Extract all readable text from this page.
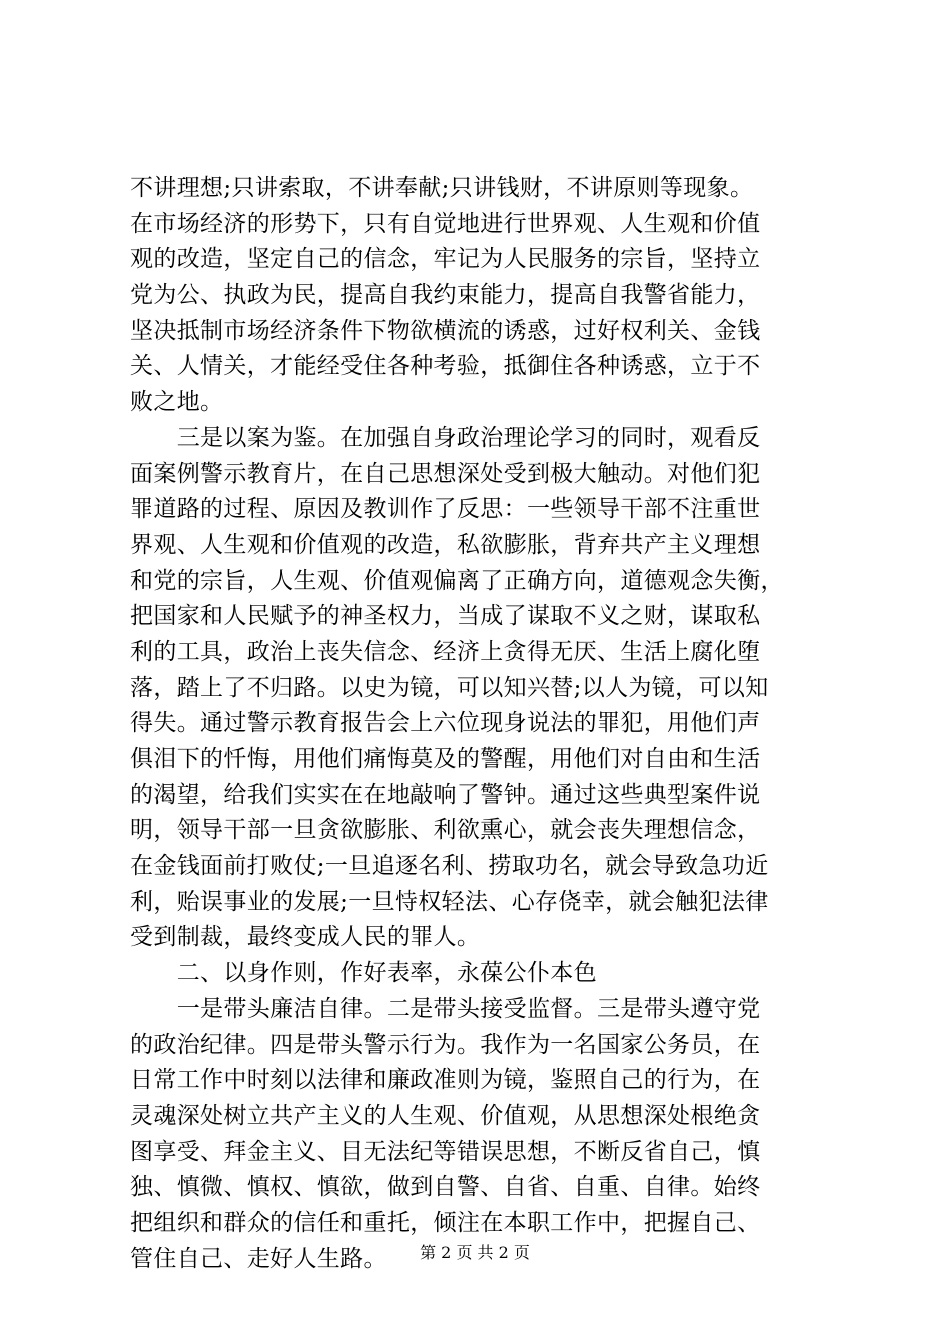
不讲理想;只讲索取，不讲奉献;只讲钱财，不讲原则等现象。
在市场经济的形势下，只有自觉地进行世界观、人生观和价值
观的改造，坚定自己的信念，牢记为人民服务的宗旨，坚持立
党为公、执政为民，提高自我约束能力，提高自我警省能力，
坚决抵制市场经济条件下物欲横流的诱惑，过好权利关、金钱
关、人情关，才能经受住各种考验，抵御住各种诱惑，立于不
败之地。
　　三是以案为鉴。在加强自身政治理论学习的同时，观看反
面案例警示教育片，在自己思想深处受到极大触动。对他们犯
罪道路的过程、原因及教训作了反思：一些领导干部不注重世
界观、人生观和价值观的改造，私欲膨胀，背弃共产主义理想
和党的宗旨，人生观、价值观偏离了正确方向，道德观念失衡，
把国家和人民赋予的神圣权力，当成了谋取不义之财，谋取私
利的工具，政治上丧失信念、经济上贪得无厌、生活上腐化堕
落，踏上了不归路。以史为镜，可以知兴替;以人为镜，可以知
得失。通过警示教育报告会上六位现身说法的罪犯，用他们声
俱泪下的忏悔，用他们痛悔莫及的警醒，用他们对自由和生活
的渴望，给我们实实在在地敲响了警钟。通过这些典型案件说
明，领导干部一旦贪欲膨胀、利欲熏心，就会丧失理想信念，
在金钱面前打败仗;一旦追逐名利、捞取功名，就会导致急功近
利，贻误事业的发展;一旦恃权轻法、心存侥幸，就会触犯法律
受到制裁，最终变成人民的罪人。
　　二、以身作则，作好表率，永葆公仆本色
　　一是带头廉洁自律。二是带头接受监督。三是带头遵守党
的政治纪律。四是带头警示行为。我作为一名国家公务员，在
日常工作中时刻以法律和廉政准则为镜，鉴照自己的行为，在
灵魂深处树立共产主义的人生观、价值观，从思想深处根绝贪
图享受、拜金主义、目无法纪等错误思想，不断反省自己，慎
独、慎微、慎权、慎欲，做到自警、自省、自重、自律。始终
把组织和群众的信任和重托，倾注在本职工作中，把握自己、
管住自己、走好人生路。	第 2 页 共 2 页
